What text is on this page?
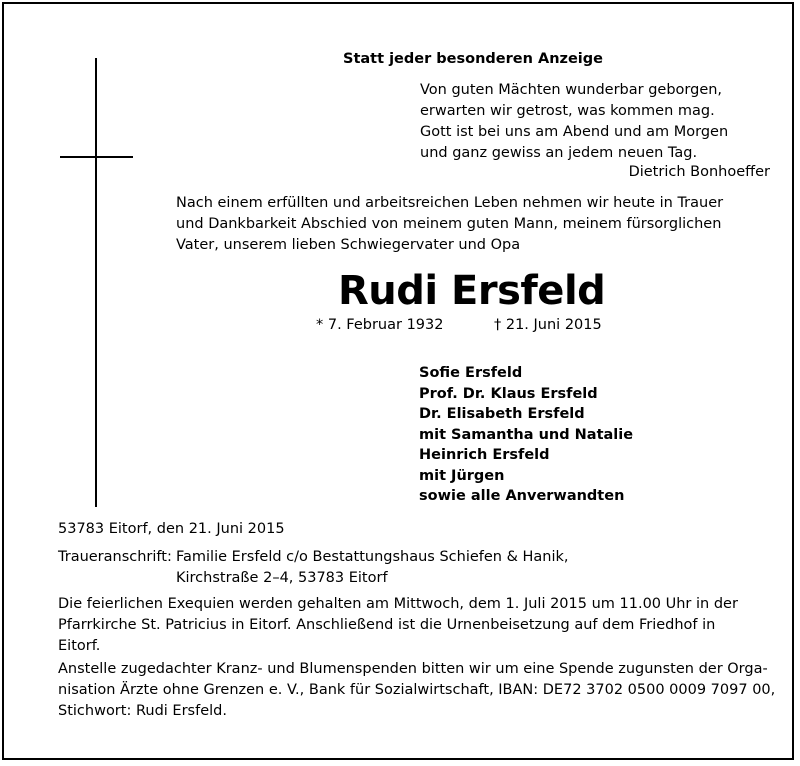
Statt jeder besonderen Anzeige

Von guten Mächten wunderbar geborgen,
erwarten wir getrost, was kommen mag.
Gott ist bei uns am Abend und am Morgen
und ganz gewiss an jedem neuen Tag.

Dietrich Bonhoeffer

Nach einem erfüllten und arbeitsreichen Leben nehmen wir heute in Trauer
und Dankbarkeit Abschied von meinem guten Mann, meinem fürsorglichen
Vater, unserem lieben Schwiegervater und Opa

Rudi Ersfeld

* 7. Februar 1932	† 21. Juni 2015

Sofie Ersfeld
Prof. Dr. Klaus Ersfeld
Dr. Elisabeth Ersfeld
mit Samantha und Natalie
Heinrich Ersfeld
mit Jürgen
sowie alle Anverwandten

53783 Eitorf, den 21. Juni 2015

Traueranschrift: Familie Ersfeld c/o Bestattungshaus Schiefen & Hanik,

Kirchstraße 2–4, 53783 Eitorf

Die feierlichen Exequien werden gehalten am Mittwoch, dem 1. Juli 2015 um 11.00 Uhr in der
Pfarrkirche St. Patricius in Eitorf. Anschließend ist die Urnenbeisetzung auf dem Friedhof in
Eitorf.
Anstelle zugedachter Kranz- und Blumenspenden bitten wir um eine Spende zugunsten der Orga-
nisation Ärzte ohne Grenzen e. V., Bank für Sozialwirtschaft, IBAN: DE72 3702 0500 0009 7097 00,
Stichwort: Rudi Ersfeld.
